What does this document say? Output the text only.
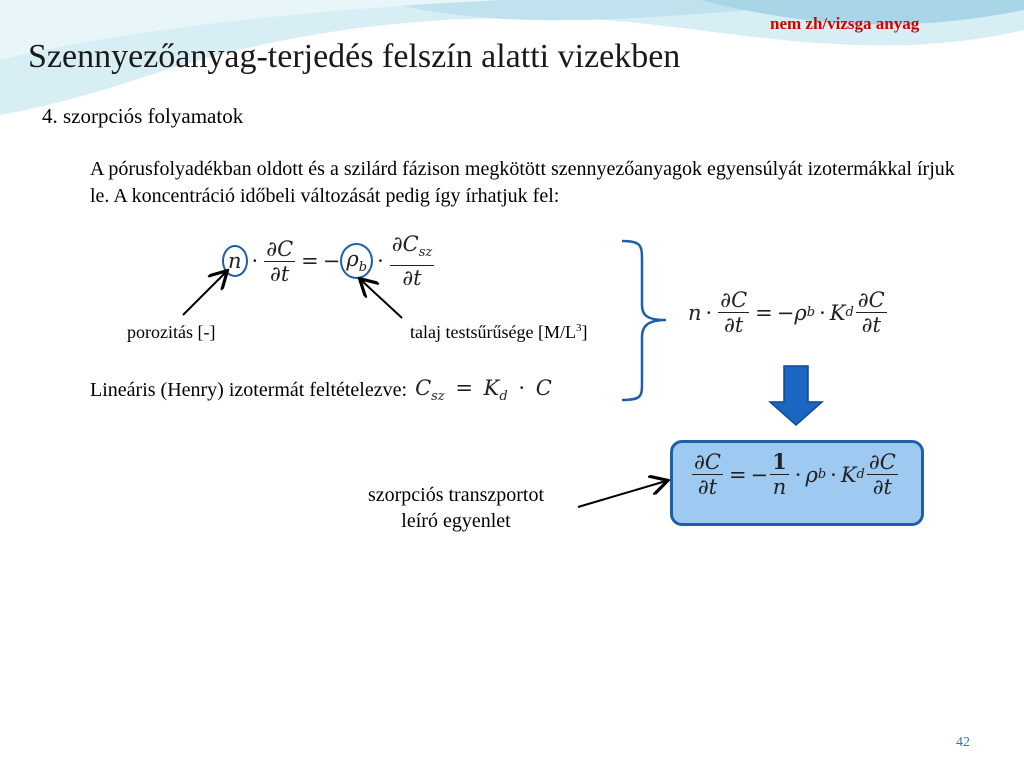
nem zh/vizsga anyag
Szennyezőanyag-terjedés felszín alatti vizekben
4. szorpciós folyamatok
A pórusfolyadékban oldott és a szilárd fázison megkötött szennyezőanyagok egyensúlyát izotermákkal írjuk le. A koncentráció időbeli változását pedig így írhatjuk fel:
$n \cdot \frac{\partial C}{\partial t}$ = − $\rho_b \cdot \frac{\partial C_{sz}}{\partial t}$
porozitás [-]	talaj testsűrűsége $[M/L^3]$
Lineáris (Henry) izotermát feltételezve: $C_{sz} = K_d \cdot C$
$n \cdot \frac{\partial C}{\partial t}$ = − ρ b · K d $\frac{\partial C}{\partial t}$
$\frac{\partial C}{\partial t}$ = − $\frac{1}{n} \cdot \rho$ b · K d $\frac{\partial C}{\partial t}$
szorpciós transzportot
leíró egyenlet
42
